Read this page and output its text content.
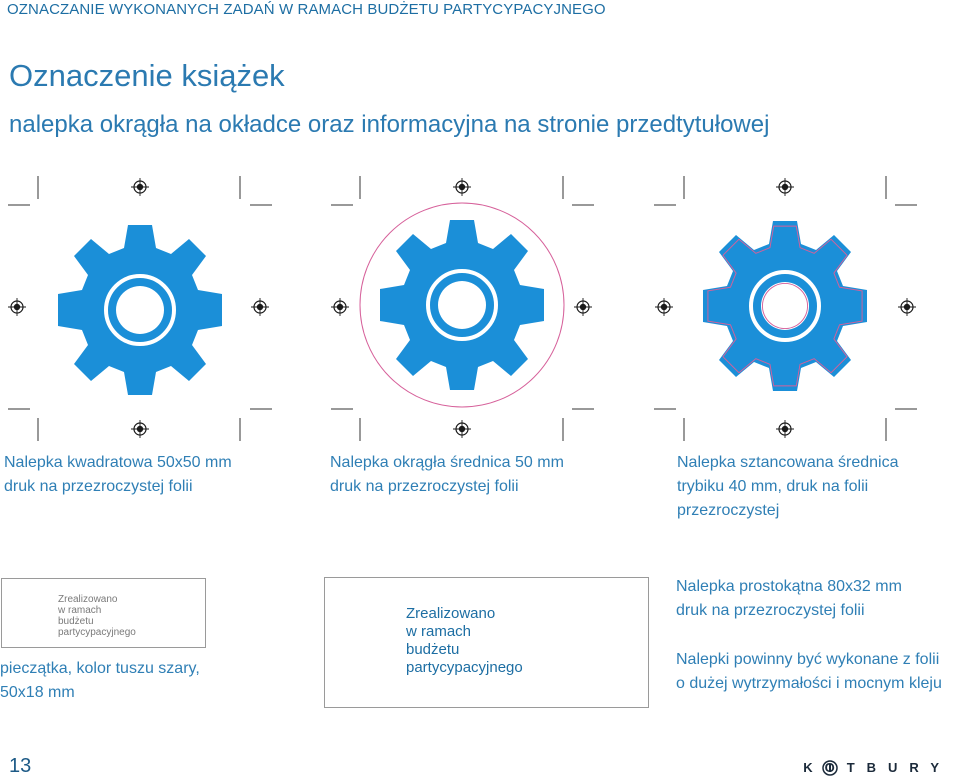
OZNACZANIE WYKONANYCH ZADAŃ W RAMACH BUDŻETU PARTYCYPACYJNEGO
Oznaczenie książek
nalepka okrągła na okładce oraz informacyjna na stronie przedtytułowej
Nalepka kwadratowa 50x50 mm
druk na przezroczystej folii
Nalepka okrągła średnica 50 mm
druk na przezroczystej folii
Nalepka sztancowana średnica
trybiku 40 mm, druk na folii
przezroczystej
Zrealizowano
w ramach
budżetu
partycypacyjnego
pieczątka, kolor tuszu szary,
50x18 mm
Zrealizowano
w ramach
budżetu
partycypacyjnego
Nalepka prostokątna 80x32 mm
druk na przezroczystej folii
Nalepki powinny być wykonane z folii
o dużej wytrzymałości i mocnym kleju
13	KOTBURY
